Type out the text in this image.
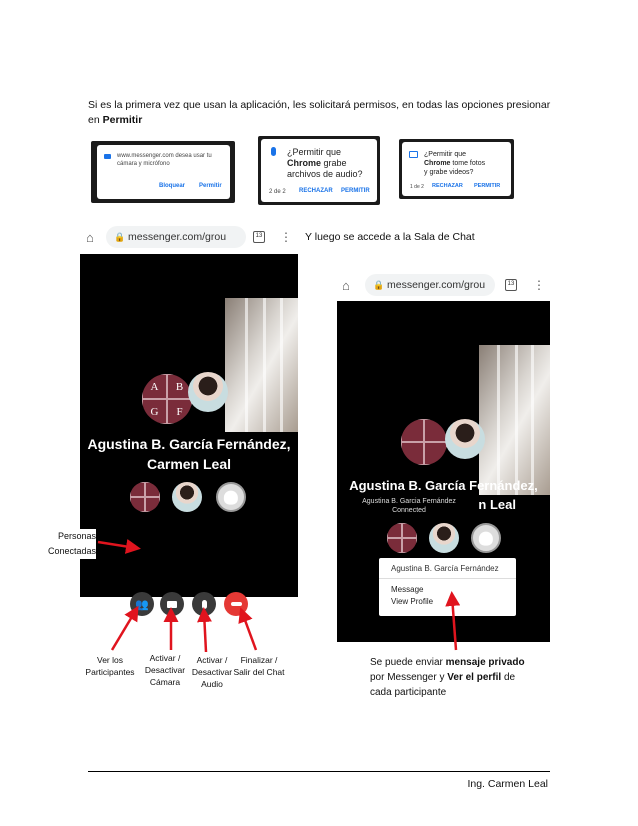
Si es la primera vez que usan la aplicación, les solicitará permisos, en todas las opciones presionar
en Permitir
www.messenger.com desea usar tu
cámara y micrófono
Bloquear Permitir
¿Permitir que
Chrome grabe
archivos de audio?
2 de 2 RECHAZAR PERMITIR
¿Permitir que
Chrome tome fotos
y grabe videos?
1 de 2 RECHAZAR PERMITIR
⌂ 🔒 messenger.com/grou	13 ⋮ Y luego se accede a la Sala de Chat
A	B
G	F
Agustina B. García Fernández,
Carmen Leal
👥
⌂	🔒 messenger.com/grou	13 ⋮
Agustina B. García Fernández,
n Leal
Agustina B. Garcia Fernández
Connected
Agustina B. García Fernández
Message
View Profile
Personas
Conectadas
Ver los
Participantes
Activar /
Desactivar
Cámara
Activar /
Desactivar
Audio
Finalizar /
Salir del Chat
Se puede enviar mensaje privado
por Messenger y Ver el perfil de
cada participante
Ing. Carmen Leal
